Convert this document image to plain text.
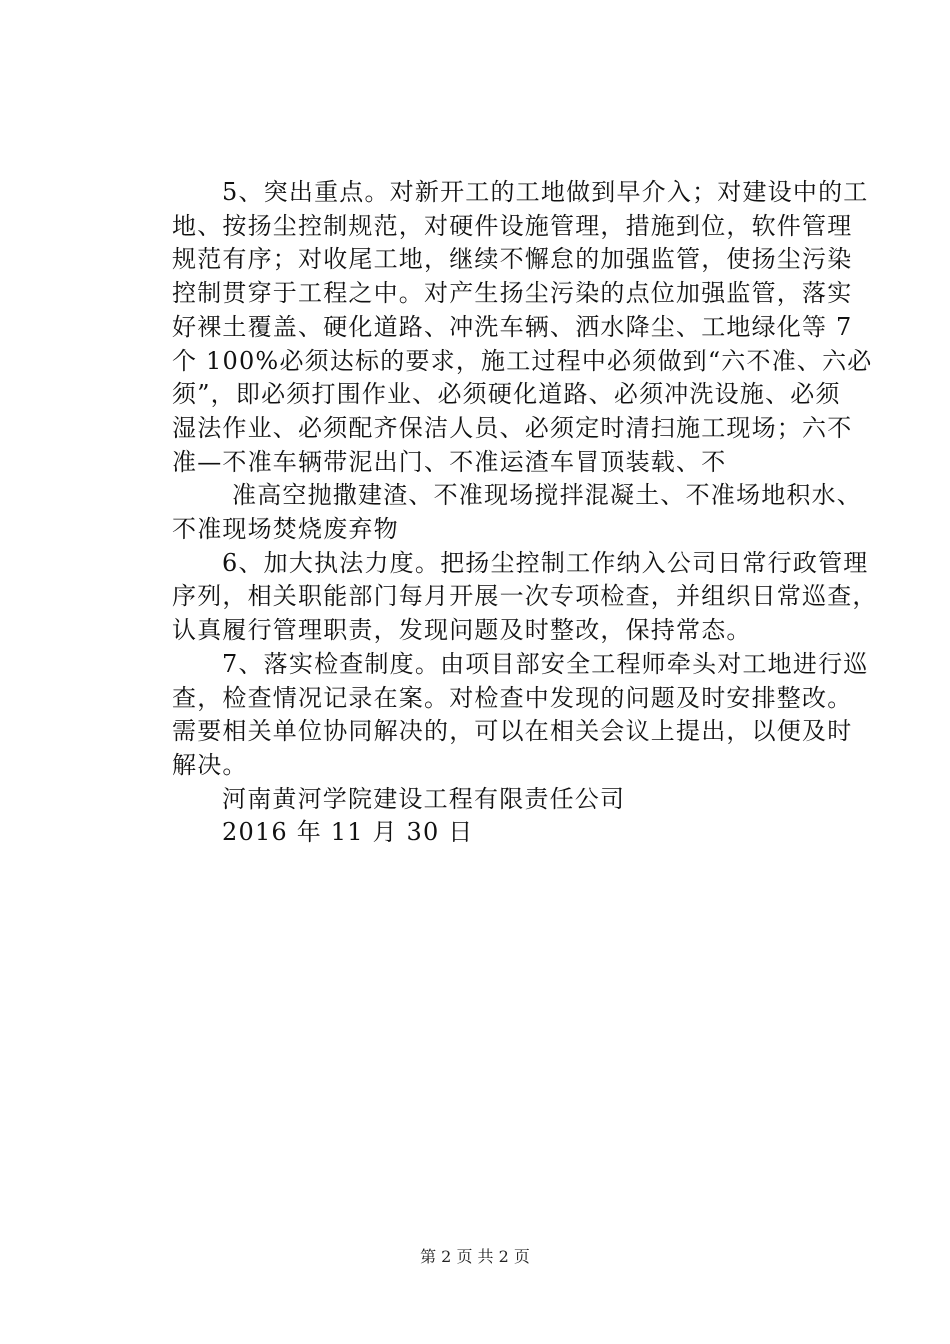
5、突出重点。对新开工的工地做到早介入；对建设中的工
地、按扬尘控制规范，对硬件设施管理，措施到位，软件管理
规范有序；对收尾工地，继续不懈怠的加强监管，使扬尘污染
控制贯穿于工程之中。对产生扬尘污染的点位加强监管，落实
好裸土覆盖、硬化道路、冲洗车辆、洒水降尘、工地绿化等 7
个 100%必须达标的要求，施工过程中必须做到“六不准、六必
须”，即必须打围作业、必须硬化道路、必须冲洗设施、必须
湿法作业、必须配齐保洁人员、必须定时清扫施工现场；六不
准—不准车辆带泥出门、不准运渣车冒顶装载、不

准高空抛撒建渣、不准现场搅拌混凝土、不准场地积水、
不准现场焚烧废弃物

6、加大执法力度。把扬尘控制工作纳入公司日常行政管理
序列，相关职能部门每月开展一次专项检查，并组织日常巡查，
认真履行管理职责，发现问题及时整改，保持常态。

7、落实检查制度。由项目部安全工程师牵头对工地进行巡
查，检查情况记录在案。对检查中发现的问题及时安排整改。
需要相关单位协同解决的，可以在相关会议上提出，以便及时
解决。

河南黄河学院建设工程有限责任公司
2016 年 11 月 30 日

第 2 页 共 2 页
